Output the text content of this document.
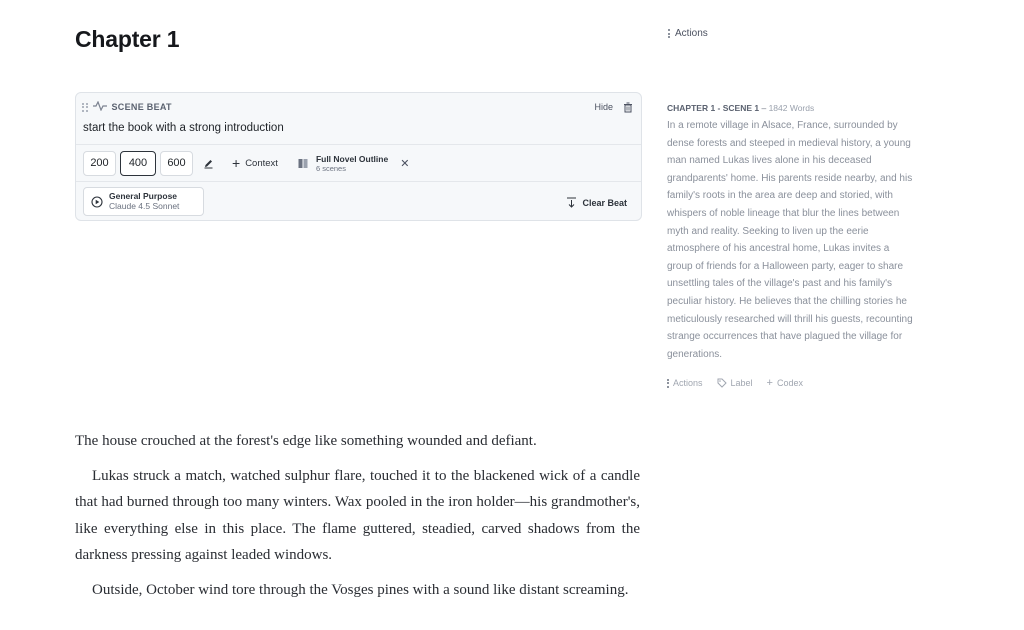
Chapter 1	Actions
SCENE BEAT	Hide
start the book with a strong introduction
200	400	600	+ Context	Full Novel Outline
6 scenes	✕
General Purpose
Claude 4.5 Sonnet	Clear Beat

The house crouched at the forest's edge like something wounded and defiant.

Lukas struck a match, watched sulphur flare, touched it to the blackened wick of a candle that had burned through too many winters. Wax pooled in the iron holder—his grandmother's, like everything else in this place. The flame guttered, steadied, carved shadows from the darkness pressing against leaded windows.

Outside, October wind tore through the Vosges pines with a sound like distant screaming.

CHAPTER 1 - SCENE 1 – 1842 Words
In a remote village in Alsace, France, surrounded by dense forests and steeped in medieval history, a young man named Lukas lives alone in his deceased grandparents' home. His parents reside nearby, and his family's roots in the area are deep and storied, with whispers of noble lineage that blur the lines between myth and reality. Seeking to liven up the eerie atmosphere of his ancestral home, Lukas invites a group of friends for a Halloween party, eager to share unsettling tales of the village's past and his family's peculiar history. He believes that the chilling stories he meticulously researched will thrill his guests, recounting strange occurrences that have plagued the village for generations.
Actions	Label + Codex
